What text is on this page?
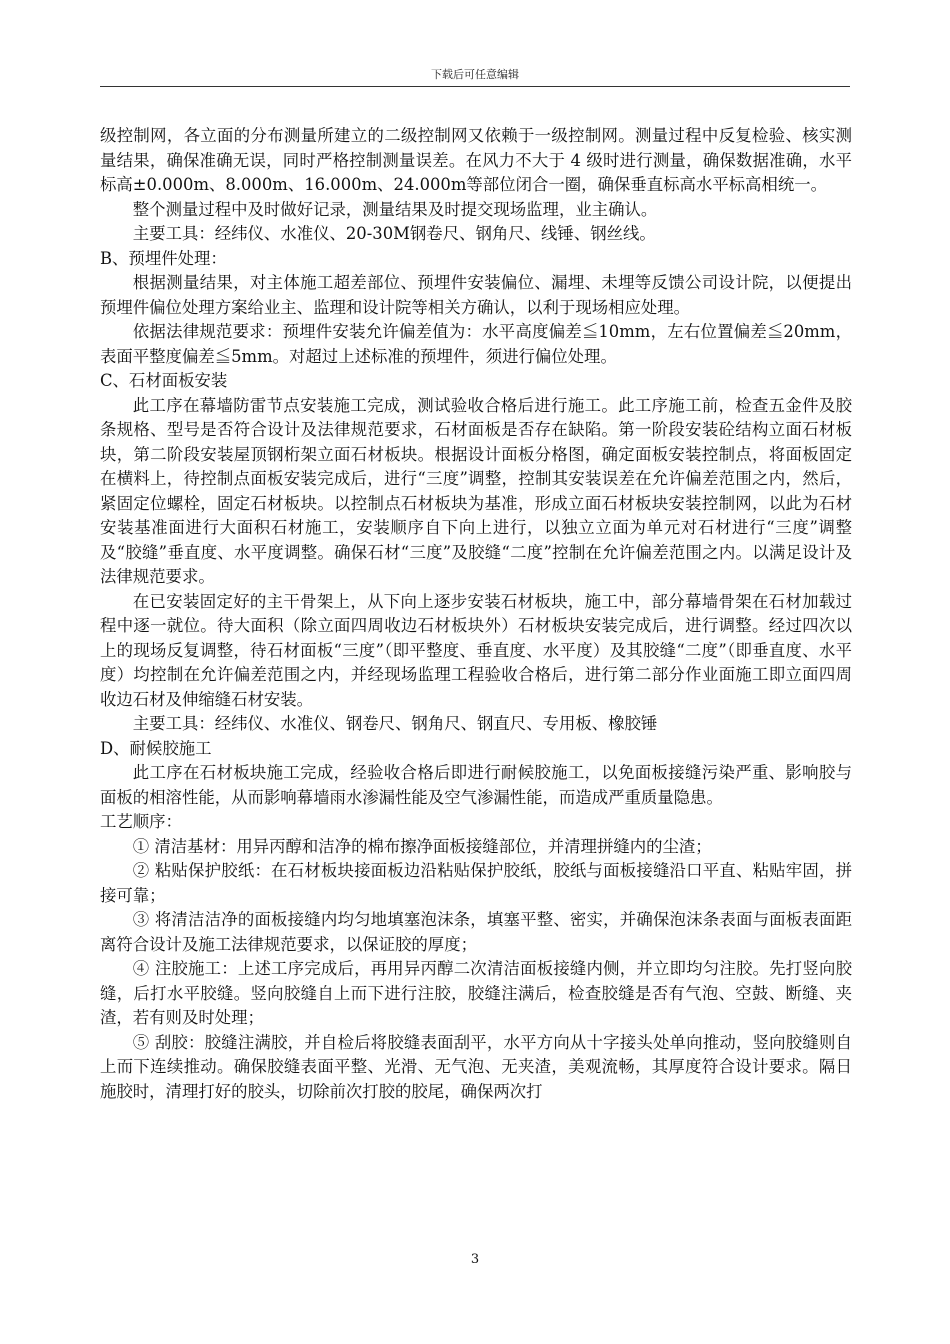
下载后可任意编辑

级控制网，各立面的分布测量所建立的二级控制网又依赖于一级控制网。测量过程中反复检验、核实测量结果，确保准确无误，同时严格控制测量误差。在风力不大于 4 级时进行测量，确保数据准确，水平标高±0.000m、8.000m、16.000m、24.000m等部位闭合一圈，确保垂直标高水平标高相统一。

整个测量过程中及时做好记录，测量结果及时提交现场监理，业主确认。

主要工具：经纬仪、水准仪、20-30M钢卷尺、钢角尺、线锤、钢丝线。

B、预埋件处理：

根据测量结果，对主体施工超差部位、预埋件安装偏位、漏埋、未埋等反馈公司设计院，以便提出预埋件偏位处理方案给业主、监理和设计院等相关方确认，以利于现场相应处理。

依据法律规范要求：预埋件安装允许偏差值为：水平高度偏差≦10mm，左右位置偏差≦20mm，表面平整度偏差≦5mm。对超过上述标准的预埋件，须进行偏位处理。

C、石材面板安装

此工序在幕墙防雷节点安装施工完成，测试验收合格后进行施工。此工序施工前，检查五金件及胶条规格、型号是否符合设计及法律规范要求，石材面板是否存在缺陷。第一阶段安装砼结构立面石材板块，第二阶段安装屋顶钢桁架立面石材板块。根据设计面板分格图，确定面板安装控制点，将面板固定在横料上，待控制点面板安装完成后，进行“三度”调整，控制其安装误差在允许偏差范围之内，然后，紧固定位螺栓，固定石材板块。以控制点石材板块为基准，形成立面石材板块安装控制网，以此为石材安装基准面进行大面积石材施工，安装顺序自下向上进行，以独立立面为单元对石材进行“三度”调整及“胶缝”垂直度、水平度调整。确保石材“三度”及胶缝“二度”控制在允许偏差范围之内。以满足设计及法律规范要求。

在已安装固定好的主干骨架上，从下向上逐步安装石材板块，施工中，部分幕墙骨架在石材加载过程中逐一就位。待大面积（除立面四周收边石材板块外）石材板块安装完成后，进行调整。经过四次以上的现场反复调整，待石材面板“三度”（即平整度、垂直度、水平度）及其胶缝“二度”（即垂直度、水平度）均控制在允许偏差范围之内，并经现场监理工程验收合格后，进行第二部分作业面施工即立面四周收边石材及伸缩缝石材安装。

主要工具：经纬仪、水准仪、钢卷尺、钢角尺、钢直尺、专用板、橡胶锤

D、耐候胶施工

此工序在石材板块施工完成，经验收合格后即进行耐候胶施工，以免面板接缝污染严重、影响胶与面板的相溶性能，从而影响幕墙雨水渗漏性能及空气渗漏性能，而造成严重质量隐患。

工艺顺序：

① 清洁基材：用异丙醇和洁净的棉布擦净面板接缝部位，并清理拼缝内的尘渣；

② 粘贴保护胶纸：在石材板块接面板边沿粘贴保护胶纸，胶纸与面板接缝沿口平直、粘贴牢固，拼接可靠；

③ 将清洁洁净的面板接缝内均匀地填塞泡沫条，填塞平整、密实，并确保泡沫条表面与面板表面距离符合设计及施工法律规范要求，以保证胶的厚度；

④ 注胶施工：上述工序完成后，再用异丙醇二次清洁面板接缝内侧，并立即均匀注胶。先打竖向胶缝，后打水平胶缝。竖向胶缝自上而下进行注胶，胶缝注满后，检查胶缝是否有气泡、空鼓、断缝、夹渣，若有则及时处理；

⑤ 刮胶：胶缝注满胶，并自检后将胶缝表面刮平，水平方向从十字接头处单向推动，竖向胶缝则自上而下连续推动。确保胶缝表面平整、光滑、无气泡、无夹渣，美观流畅，其厚度符合设计要求。隔日施胶时，清理打好的胶头，切除前次打胶的胶尾，确保两次打

3
